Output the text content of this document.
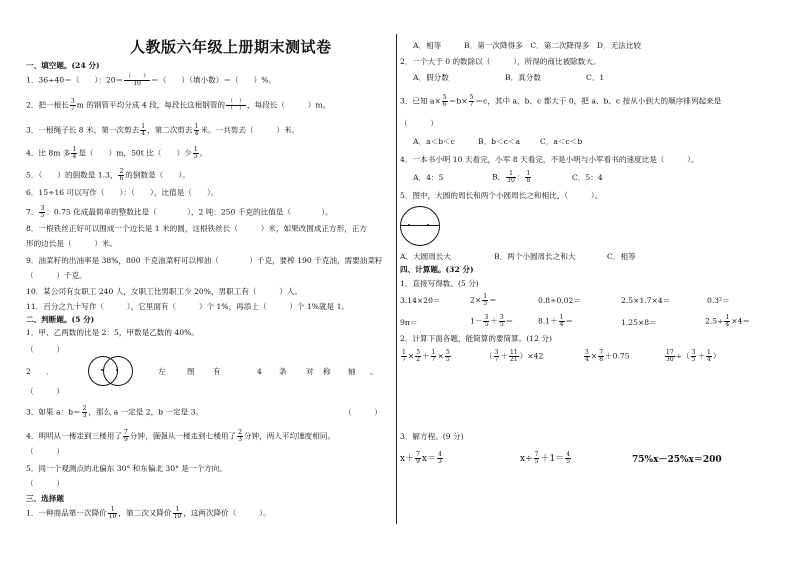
人教版六年级上册期末测试卷
一、填空题。(24 分)
1．36÷40＝（　　）：20＝ （　　）
10	＝（　　）（填小数）＝（　　）%。
2．把一根长 $\frac{3}{7}$ m 的钢管平均分成 4 段，每段长这根钢管的 （　）
（　） ，每段长（　　　）m。
3．一根绳子长 8 米，第一次剪去 $\frac{1}{4}$ ，第二次剪去 $\frac{1}{4}$ 米。一共剪去（　　　）米。
4．比 8m 多 $\frac{1}{4}$ 是（　　）m，50t 比（　　）少 $\frac{1}{5}$ 。
5．（　　）的倒数是 1.3， $\frac{2}{6}$ 的倒数是（　　）。
6．15÷16 可以写作（　　）：（　　），比值是（　　）。
7． $\frac{3}{5}$ ：0.75 化成最简单的整数比是（　　　　），2 吨：250 千克的比值是（　　　　）。
8．一根铁丝正好可以围成一个边长是 1 米的圆，这根铁丝长（　　　）米，如果改围成正方形，正方
形的边长是（　　　）米。
9．油菜籽的出油率是 38%，800 千克油菜籽可以榨油（　　　　）千克，要榨 190 千克油，需要油菜籽
（　　　）千克。
10．某公司有女职工 240 人，女职工比男职工少 20%，男职工有（　　　）人。
11．百分之九十写作（　　　），它里面有（　　　）个 1%，再添上（　　　）个 1%就是 1。
二、判断题。(5 分)
1．甲、乙两数的比是 2：5，甲数是乙数的 40%。
（　　　）
2　　．	左	图 有	4 条	对 称 轴 。
（　　　）
3．如果 a：$b= \frac{2}{3}$ ，那么 a 一定是 2，b 一定是 3。	（　　　）
4．明明从一楼走到三楼用了 $\frac{7}{9}$ 分钟，强强从一楼走到七楼用了 $\frac{2}{3}$ 分钟，两人平均速度相同。
（　　　）
5．同一个观测点的北偏东 30° 和东偏北 30° 是一个方向。
（　　　）
三、选择题
1．一种商品第一次降价 $\frac{1}{10}$ ，第二次又降价 $\frac{1}{10}$ ，这两次降价（　　　）。
A．相等　　　B．第一次降得多　C．第二次降得多　D．无法比较
2．一个大于 0 的数除以（　　　），所得的商比被除数大。
A．假分数	B．真分数	C．1
3．已知 $a\times \frac{5}{6} =b\times \frac{5}{7} =c$，其中 a、b、c 都大于 0，把 a、b、c 按从小到大的顺序排列起来是
（　　　）
A．a＜b＜c	B．b＜c＜a	C．a＜c＜b
4．一本书小明 10 天看完，小军 8 天看完，不是小明与小军看书的速度比是（　　　）。
A．4：5	B． $\frac{1}{10}$ ： $\frac{1}{8}$	C．5：4
5．图中，大圆的周长和两个小圆周长之和相比，（　　　）。
A．大圆周长大	B．两个小圆周长之和大	C．相等
四、计算题。(32 分)
1．直接写得数。(5 分)
3.14×20＝	$2\times \frac{1}{5}$ ＝	0.8÷0.02＝	2.5×1.7×4＝	0.3²＝
9π＝	$1- \frac{3}{5} + \frac{3}{5}$ ＝	$8.1+ \frac{1}{4}$ ＝	1.25×8＝	$2.5\div \frac{1}{4} \times 4=$
2．计算下面各题，能简算的要简算。(12 分)
$\frac{1}{7} \times \frac{5}{2} + \frac{1}{7} \times \frac{5}{5}$	（ $\frac{3}{7} + \frac{11}{21} )\times 42$	$\frac{3}{4} \times \frac{7}{8} +0.75$	$\frac{17}{30}$ ÷（ $\frac{3}{5} + \frac{1}{4}$ ）
3．解方程。(9 分)
$x+ \frac{7}{9} x= \frac{4}{3}$	$x\div \frac{7}{5} +1= \frac{4}{5}$	75%x－25%x＝200
